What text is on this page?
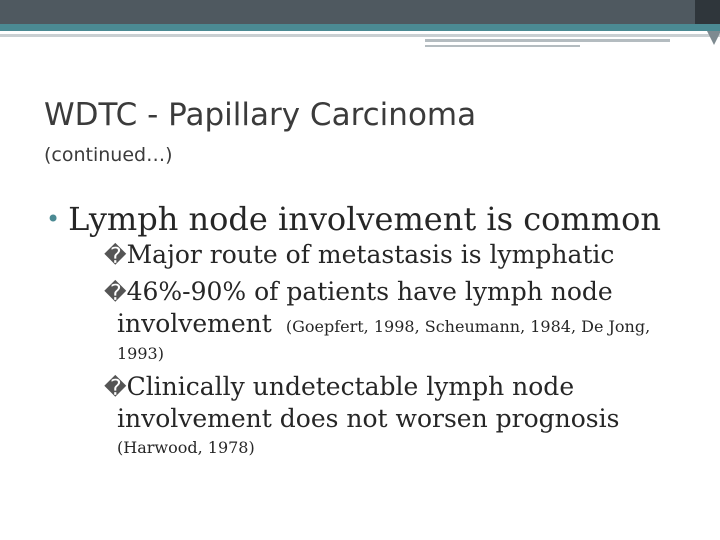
WDTC - Papillary Carcinoma

(continued…)

• Lymph node involvement is common

�Major route of metastasis is lymphatic

�46%-90% of patients have lymph node

involvement (Goepfert, 1998, Scheumann, 1984, De Jong,

1993)

�Clinically undetectable lymph node

involvement does not worsen prognosis

(Harwood, 1978)
